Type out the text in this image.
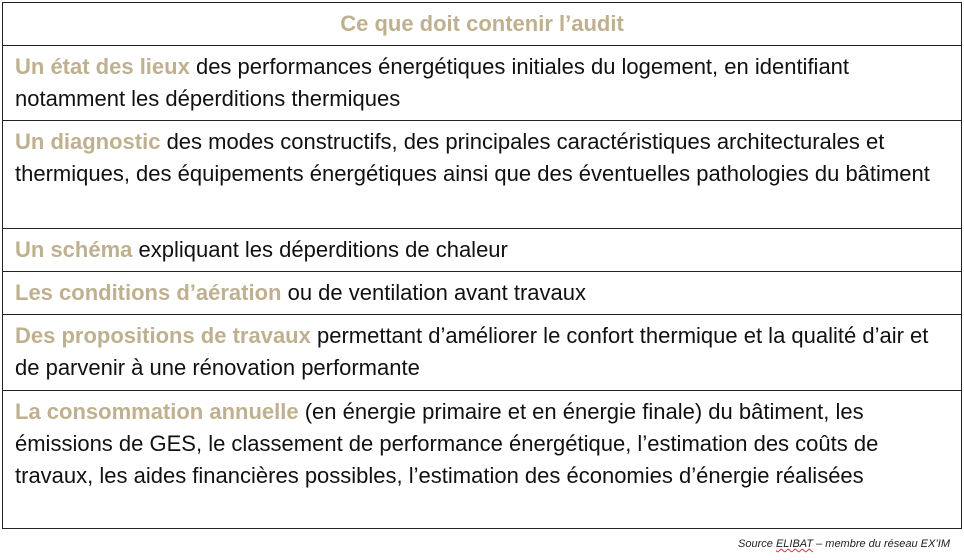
Ce que doit contenir l’audit
Un état des lieux des performances énergétiques initiales du logement, en identifiant notamment les déperditions thermiques
Un diagnostic des modes constructifs, des principales caractéristiques architecturales et thermiques, des équipements énergétiques ainsi que des éventuelles pathologies du bâtiment
Un schéma expliquant les déperditions de chaleur
Les conditions d’aération ou de ventilation avant travaux
Des propositions de travaux permettant d’améliorer le confort thermique et la qualité d’air et de parvenir à une rénovation performante
La consommation annuelle (en énergie primaire et en énergie finale) du bâtiment, les émissions de GES, le classement de performance énergétique, l’estimation des coûts de travaux, les aides financières possibles, l’estimation des économies d’énergie réalisées
Source ELIBAT – membre du réseau EX’IM
